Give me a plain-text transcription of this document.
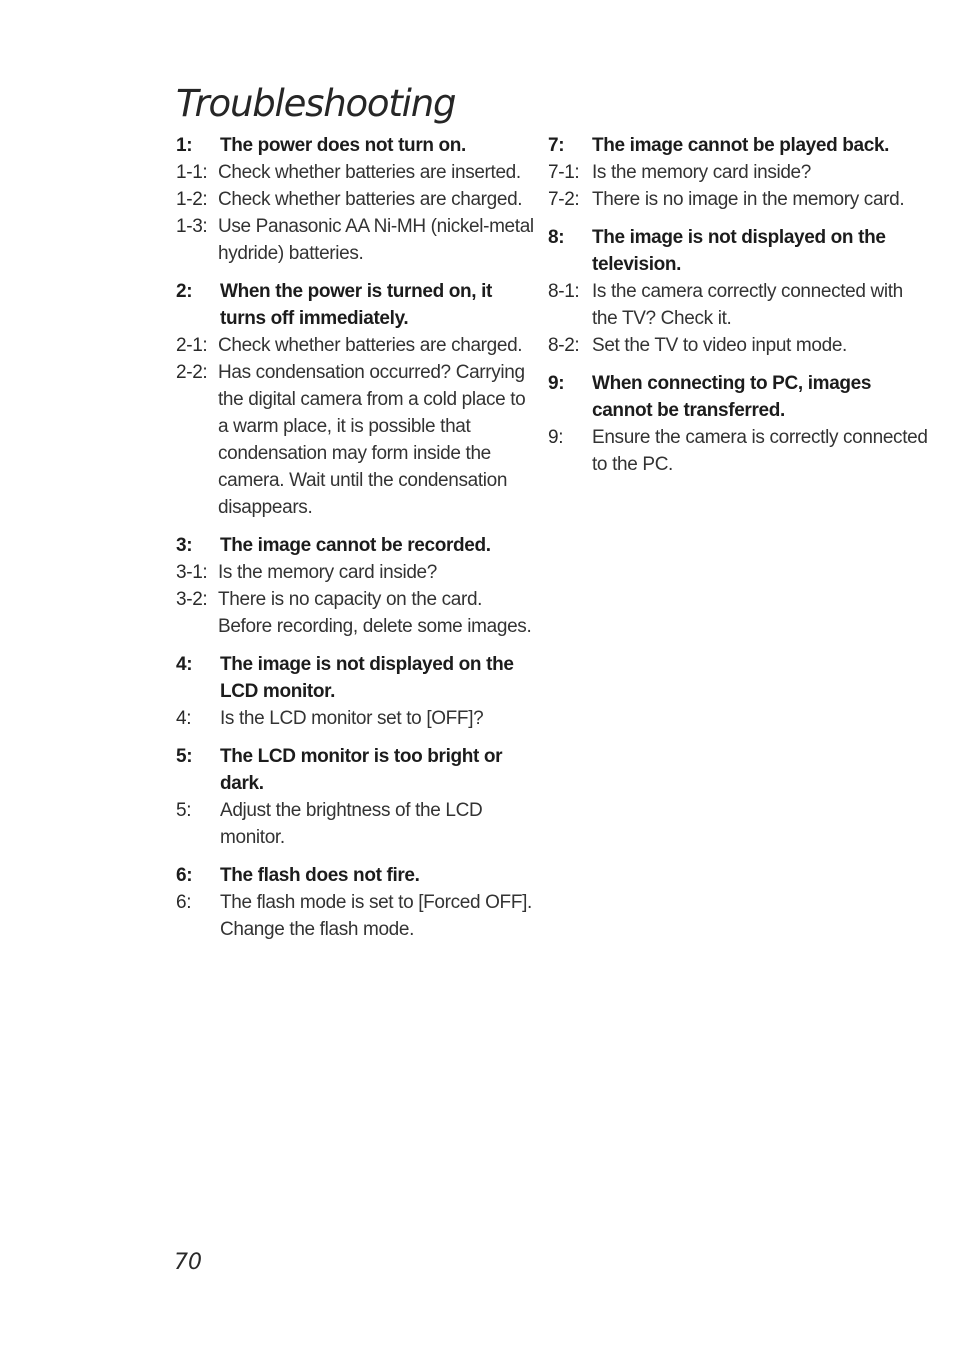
Troubleshooting
1:	The power does not turn on.
1-1: Check whether batteries are inserted.
1-2: Check whether batteries are charged.
1-3: Use Panasonic AA Ni-MH (nickel-metal hydride) batteries.
2:	When the power is turned on, it turns off immediately.
2-1: Check whether batteries are charged.
2-2: Has condensation occurred? Carrying the digital camera from a cold place to a warm place, it is possible that condensation may form inside the camera. Wait until the condensation disappears.
3:	The image cannot be recorded.
3-1: Is the memory card inside?
3-2: There is no capacity on the card. Before recording, delete some images.
4:	The image is not displayed on the LCD monitor.
4:	Is the LCD monitor set to [OFF]?
5:	The LCD monitor is too bright or dark.
5:	Adjust the brightness of the LCD monitor.
6:	The flash does not fire.
6:	The flash mode is set to [Forced OFF]. Change the flash mode.
7:	The image cannot be played back.
7-1: Is the memory card inside?
7-2: There is no image in the memory card.
8:	The image is not displayed on the television.
8-1: Is the camera correctly connected with the TV? Check it.
8-2: Set the TV to video input mode.
9:	When connecting to PC, images cannot be transferred.
9:	Ensure the camera is correctly connected to the PC.
70
